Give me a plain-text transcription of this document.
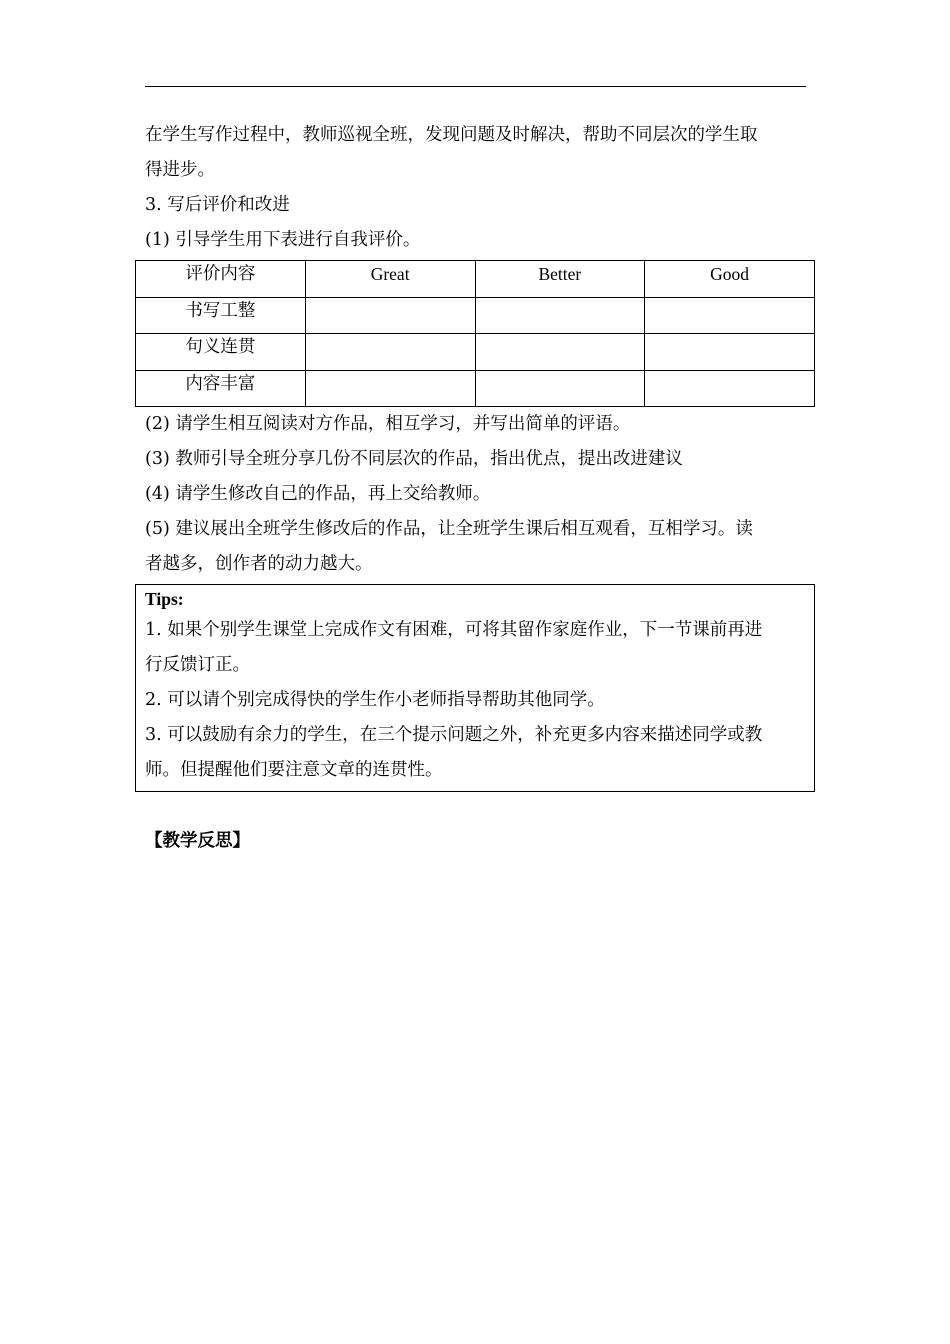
在学生写作过程中，教师巡视全班，发现问题及时解决，帮助不同层次的学生取

得进步。

3. 写后评价和改进

(1) 引导学生用下表进行自我评价。

评价内容	Great	Better	Good
书写工整			
句义连贯			
内容丰富			

(2) 请学生相互阅读对方作品，相互学习，并写出简单的评语。

(3) 教师引导全班分享几份不同层次的作品，指出优点，提出改进建议

(4) 请学生修改自己的作品，再上交给教师。

(5) 建议展出全班学生修改后的作品，让全班学生课后相互观看，互相学习。读

者越多，创作者的动力越大。

Tips:

1. 如果个别学生课堂上完成作文有困难，可将其留作家庭作业，下一节课前再进

行反馈订正。

2. 可以请个别完成得快的学生作小老师指导帮助其他同学。

3. 可以鼓励有余力的学生，在三个提示问题之外，补充更多内容来描述同学或教

师。但提醒他们要注意文章的连贯性。

【教学反思】
